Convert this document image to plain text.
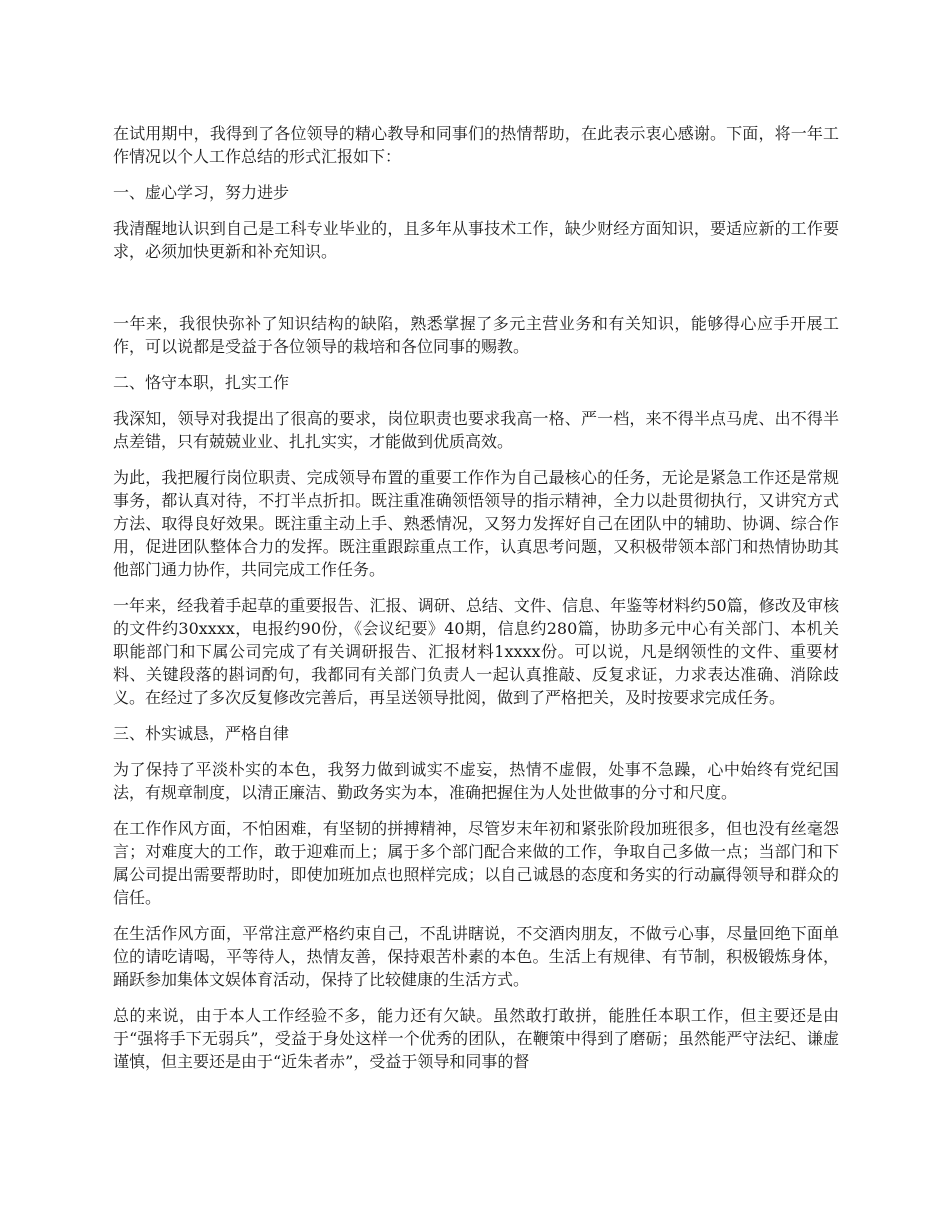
在试用期中，我得到了各位领导的精心教导和同事们的热情帮助，在此表示衷心感谢。下面，将一年工作情况以个人工作总结的形式汇报如下：

一、虚心学习，努力进步

我清醒地认识到自己是工科专业毕业的，且多年从事技术工作，缺少财经方面知识，要适应新的工作要求，必须加快更新和补充知识。

一年来，我很快弥补了知识结构的缺陷，熟悉掌握了多元主营业务和有关知识，能够得心应手开展工作，可以说都是受益于各位领导的栽培和各位同事的赐教。

二、恪守本职，扎实工作

我深知，领导对我提出了很高的要求，岗位职责也要求我高一格、严一档，来不得半点马虎、出不得半点差错，只有兢兢业业、扎扎实实，才能做到优质高效。

为此，我把履行岗位职责、完成领导布置的重要工作作为自己最核心的任务，无论是紧急工作还是常规事务，都认真对待，不打半点折扣。既注重准确领悟领导的指示精神，全力以赴贯彻执行，又讲究方式方法、取得良好效果。既注重主动上手、熟悉情况，又努力发挥好自己在团队中的辅助、协调、综合作用，促进团队整体合力的发挥。既注重跟踪重点工作，认真思考问题，又积极带领本部门和热情协助其他部门通力协作，共同完成工作任务。

一年来，经我着手起草的重要报告、汇报、调研、总结、文件、信息、年鉴等材料约50篇，修改及审核的文件约30xxxx，电报约90份，《会议纪要》40期，信息约280篇，协助多元中心有关部门、本机关职能部门和下属公司完成了有关调研报告、汇报材料1xxxx份。可以说，凡是纲领性的文件、重要材料、关键段落的斟词酌句，我都同有关部门负责人一起认真推敲、反复求证，力求表达准确、消除歧义。在经过了多次反复修改完善后，再呈送领导批阅，做到了严格把关，及时按要求完成任务。

三、朴实诚恳，严格自律

为了保持了平淡朴实的本色，我努力做到诚实不虚妄，热情不虚假，处事不急躁，心中始终有党纪国法，有规章制度，以清正廉洁、勤政务实为本，准确把握住为人处世做事的分寸和尺度。

在工作作风方面，不怕困难，有坚韧的拼搏精神，尽管岁末年初和紧张阶段加班很多，但也没有丝毫怨言；对难度大的工作，敢于迎难而上；属于多个部门配合来做的工作，争取自己多做一点；当部门和下属公司提出需要帮助时，即使加班加点也照样完成；以自己诚恳的态度和务实的行动赢得领导和群众的信任。

在生活作风方面，平常注意严格约束自己，不乱讲瞎说，不交酒肉朋友，不做亏心事，尽量回绝下面单位的请吃请喝，平等待人，热情友善，保持艰苦朴素的本色。生活上有规律、有节制，积极锻炼身体，踊跃参加集体文娱体育活动，保持了比较健康的生活方式。

总的来说，由于本人工作经验不多，能力还有欠缺。虽然敢打敢拼，能胜任本职工作，但主要还是由于“强将手下无弱兵”，受益于身处这样一个优秀的团队，在鞭策中得到了磨砺；虽然能严守法纪、谦虚谨慎，但主要还是由于“近朱者赤”，受益于领导和同事的督
